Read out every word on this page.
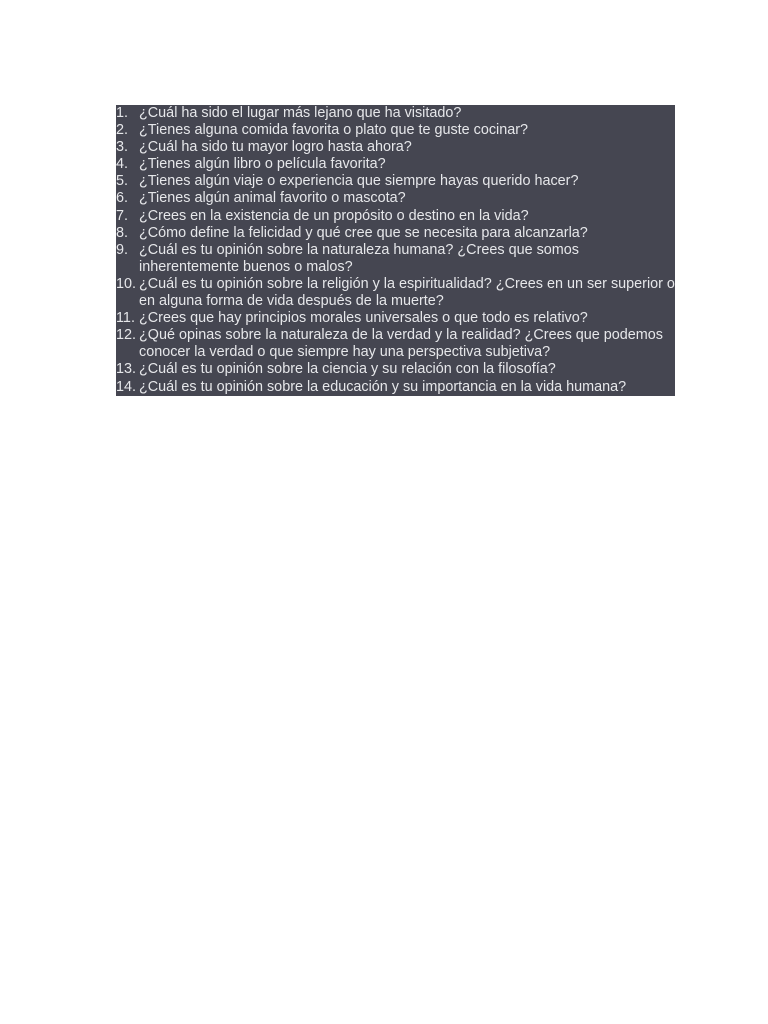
1. ¿Cuál ha sido el lugar más lejano que ha visitado?
2. ¿Tienes alguna comida favorita o plato que te guste cocinar?
3. ¿Cuál ha sido tu mayor logro hasta ahora?
4. ¿Tienes algún libro o película favorita?
5. ¿Tienes algún viaje o experiencia que siempre hayas querido hacer?
6. ¿Tienes algún animal favorito o mascota?
7. ¿Crees en la existencia de un propósito o destino en la vida?
8. ¿Cómo define la felicidad y qué cree que se necesita para alcanzarla?
9. ¿Cuál es tu opinión sobre la naturaleza humana? ¿Crees que somos inherentemente buenos o malos?
10. ¿Cuál es tu opinión sobre la religión y la espiritualidad? ¿Crees en un ser superior o en alguna forma de vida después de la muerte?
11. ¿Crees que hay principios morales universales o que todo es relativo?
12. ¿Qué opinas sobre la naturaleza de la verdad y la realidad? ¿Crees que podemos conocer la verdad o que siempre hay una perspectiva subjetiva?
13. ¿Cuál es tu opinión sobre la ciencia y su relación con la filosofía?
14. ¿Cuál es tu opinión sobre la educación y su importancia en la vida humana?
